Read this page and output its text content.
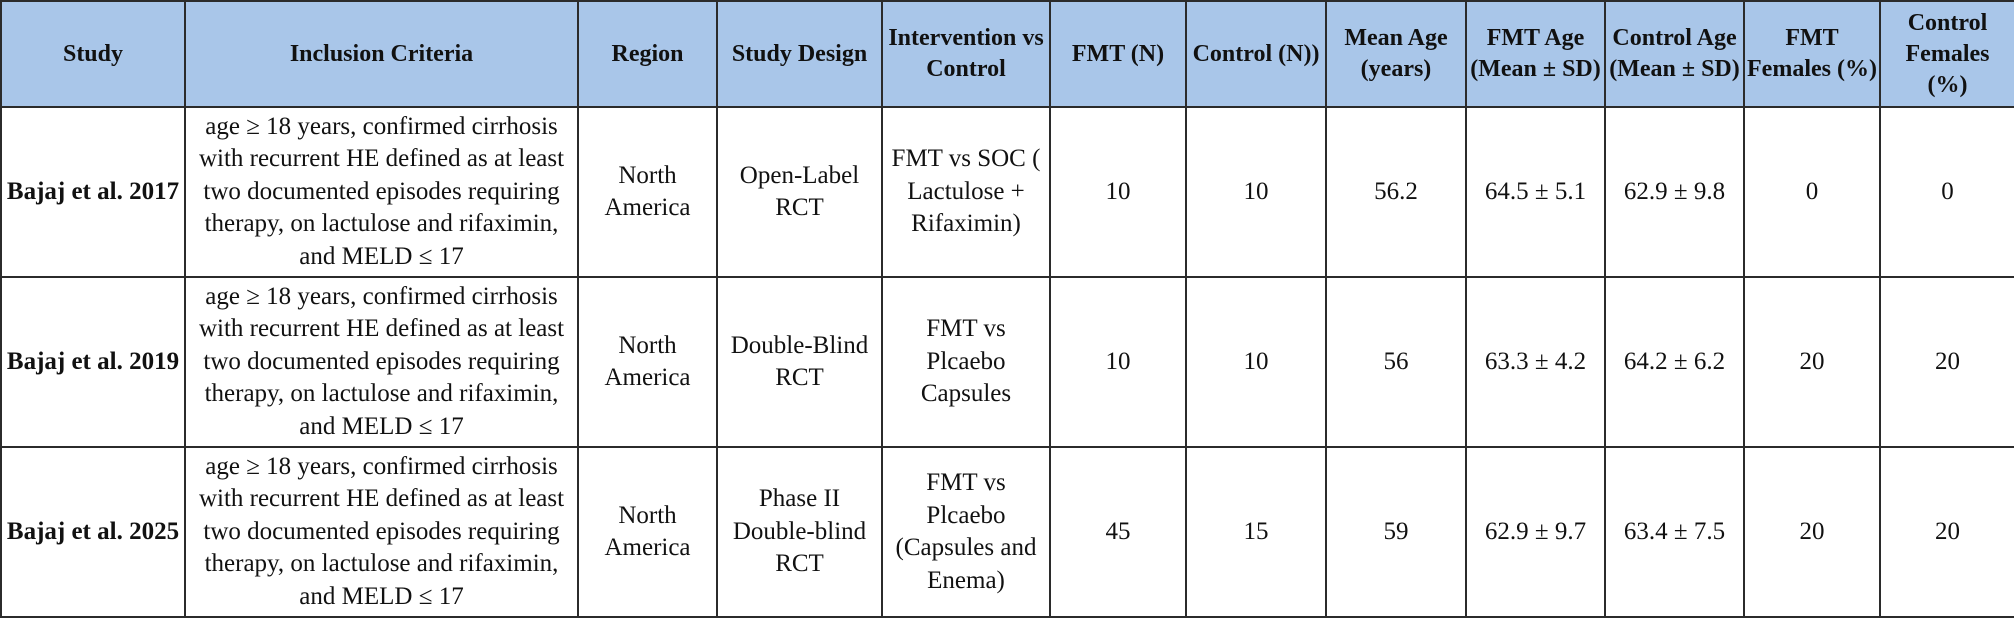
Study	Inclusion Criteria	Region	Study Design	Intervention vs Control	FMT (N)	Control (N))	Mean Age (years)	FMT Age (Mean ± SD)	Control Age (Mean ± SD)	FMT Females (%)	Control Females (%)
Bajaj et al. 2017	age ≥ 18 years, confirmed cirrhosis with recurrent HE defined as at least two documented episodes requiring therapy, on lactulose and rifaximin, and MELD ≤ 17	North America	Open-Label RCT	FMT vs SOC ( Lactulose + Rifaximin)	10	10	56.2	64.5 ± 5.1	62.9 ± 9.8	0	0
Bajaj et al. 2019	age ≥ 18 years, confirmed cirrhosis with recurrent HE defined as at least two documented episodes requiring therapy, on lactulose and rifaximin, and MELD ≤ 17	North America	Double-Blind RCT	FMT vs Plcaebo Capsules	10	10	56	63.3 ± 4.2	64.2 ± 6.2	20	20
Bajaj et al. 2025	age ≥ 18 years, confirmed cirrhosis with recurrent HE defined as at least two documented episodes requiring therapy, on lactulose and rifaximin, and MELD ≤ 17	North America	Phase II Double-blind RCT	FMT vs Plcaebo (Capsules and Enema)	45	15	59	62.9 ± 9.7	63.4 ± 7.5	20	20
